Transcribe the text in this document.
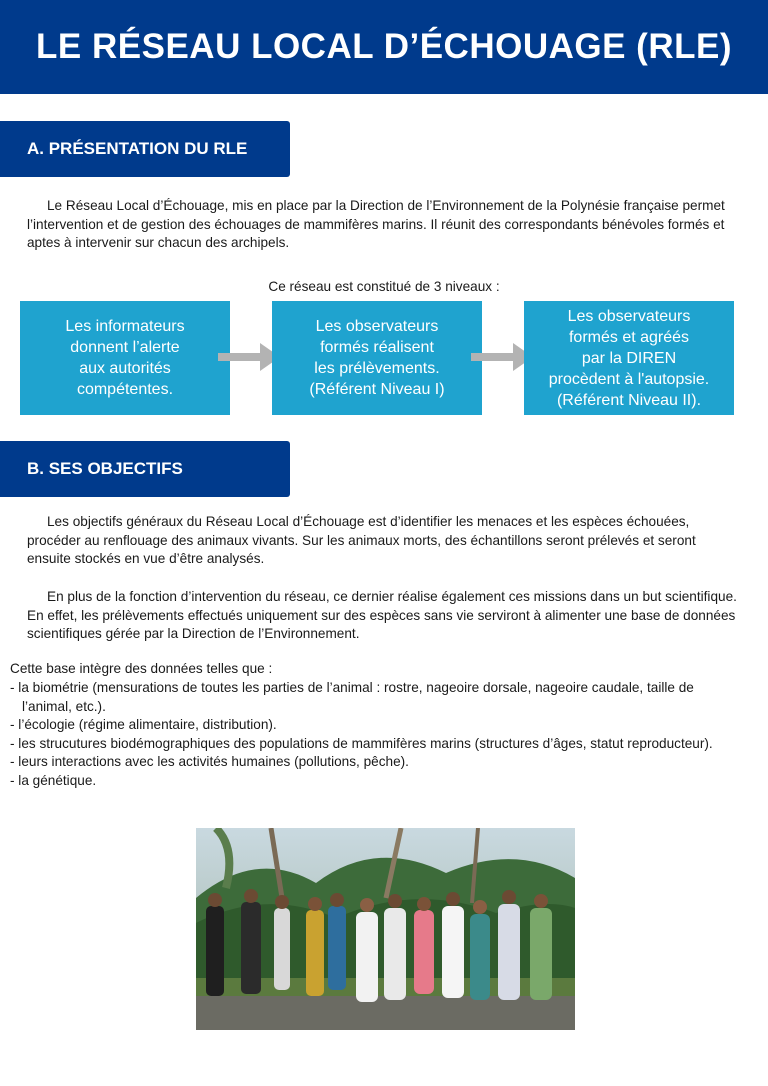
LE RÉSEAU LOCAL D’ÉCHOUAGE (RLE)
A. PRÉSENTATION DU RLE

Le Réseau Local d’Échouage, mis en place par la Direction de l’Environnement de la Polynésie française permet l’intervention et de gestion des échouages de mammifères marins. Il réunit des correspondants bénévoles formés et aptes à intervenir sur chacun des archipels.

Ce réseau est constitué de 3 niveaux :
Les informateurs
donnent l’alerte
aux autorités
compétentes.
Les observateurs
formés réalisent
les prélèvements.
(Référent Niveau I)
Les observateurs
formés et agréés
par la DIREN
procèdent à l'autopsie.
(Référent Niveau II).
B. SES OBJECTIFS

Les objectifs généraux du Réseau Local d’Échouage est d’identifier les menaces et les espèces échouées, procéder au renflouage des animaux vivants. Sur les animaux morts, des échantillons seront prélevés et seront ensuite stockés en vue d’être analysés.

En plus de la fonction d’intervention du réseau, ce dernier réalise également ces missions dans un but scientifique. En effet, les prélèvements effectués uniquement sur des espèces sans vie serviront à alimenter une base de données scientifiques gérée par la Direction de l’Environnement.

Cette base intègre des données telles que :

- la biométrie (mensurations de toutes les parties de l’animal : rostre, nageoire dorsale, nageoire caudale, taille de l’animal, etc.).
- l’écologie (régime alimentaire, distribution).
- les strucutures biodémographiques des populations de mammifères marins (structures d’âges, statut reproducteur).
- leurs interactions avec les activités humaines (pollutions, pêche).
- la génétique.
